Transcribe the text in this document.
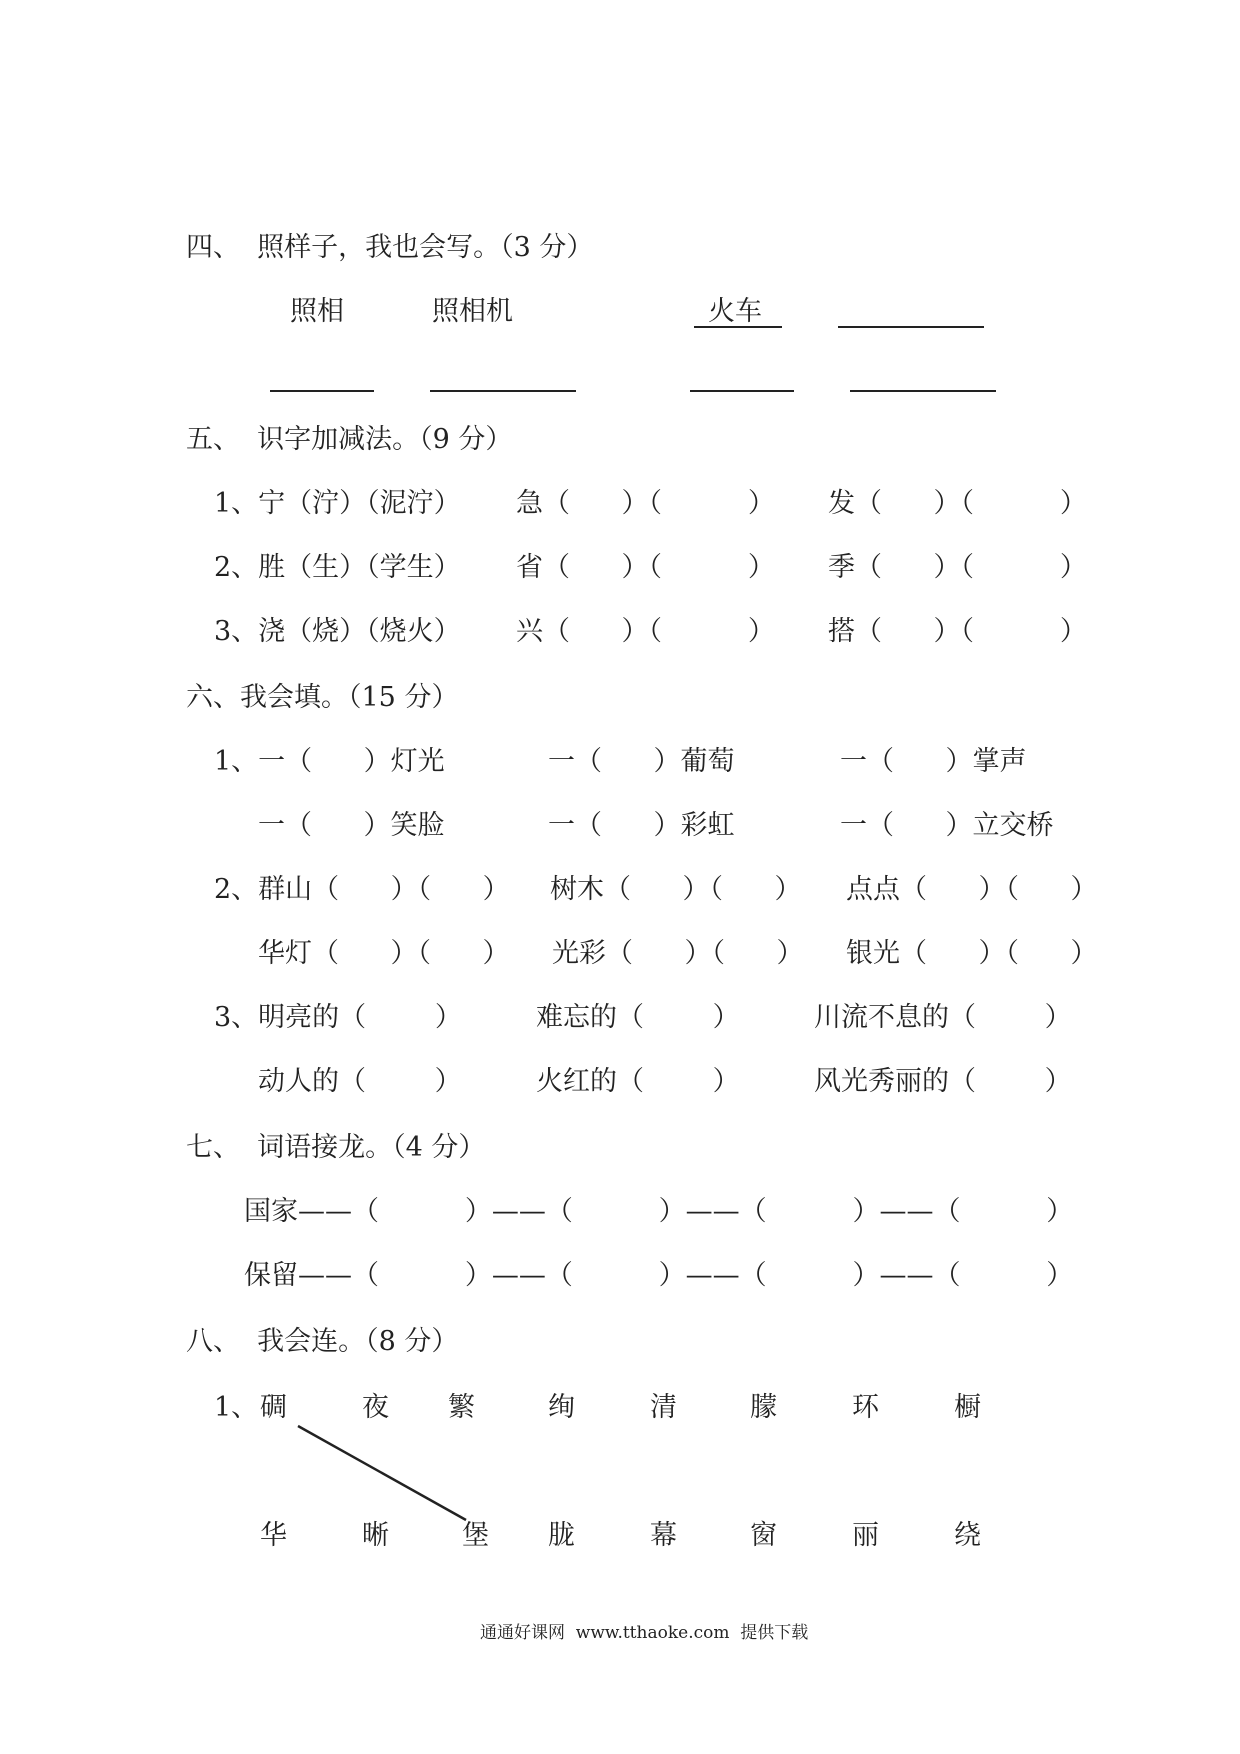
四、  照样子，我也会写。（3 分）
照相	照相机	火车
五、  识字加减法。（9 分）
1、宁（泞）（泥泞） 急（      ）（          ） 发（      ）（          ）
2、胜（生）（学生） 省（      ）（          ） 季（      ）（          ）
3、浇（烧）（烧火） 兴（      ）（          ） 搭（      ）（          ）
六、我会填。（15 分）
1、一（      ）灯光	一（      ）葡萄	一（      ）掌声
一（      ）笑脸	一（      ）彩虹	一（      ）立交桥
2、群山（      ）（      ） 树木（      ）（      ） 点点（      ）（      ）
华灯（      ）（      ） 光彩（      ）（      ） 银光（      ）（      ）
3、明亮的（        ）	难忘的（        ）	川流不息的（        ）
动人的（        ）	火红的（        ）	风光秀丽的（        ）
七、  词语接龙。（4 分）
国家——（          ）——（          ）——（          ）——（          ）
保留——（          ）——（          ）——（          ）——（          ）
八、  我会连。（8 分）
1、 碉	夜 繁	绚	清	朦	环	橱
华	晰	堡 胧	幕	窗	丽	绕
通通好课网  www.tthaoke.com  提供下载
